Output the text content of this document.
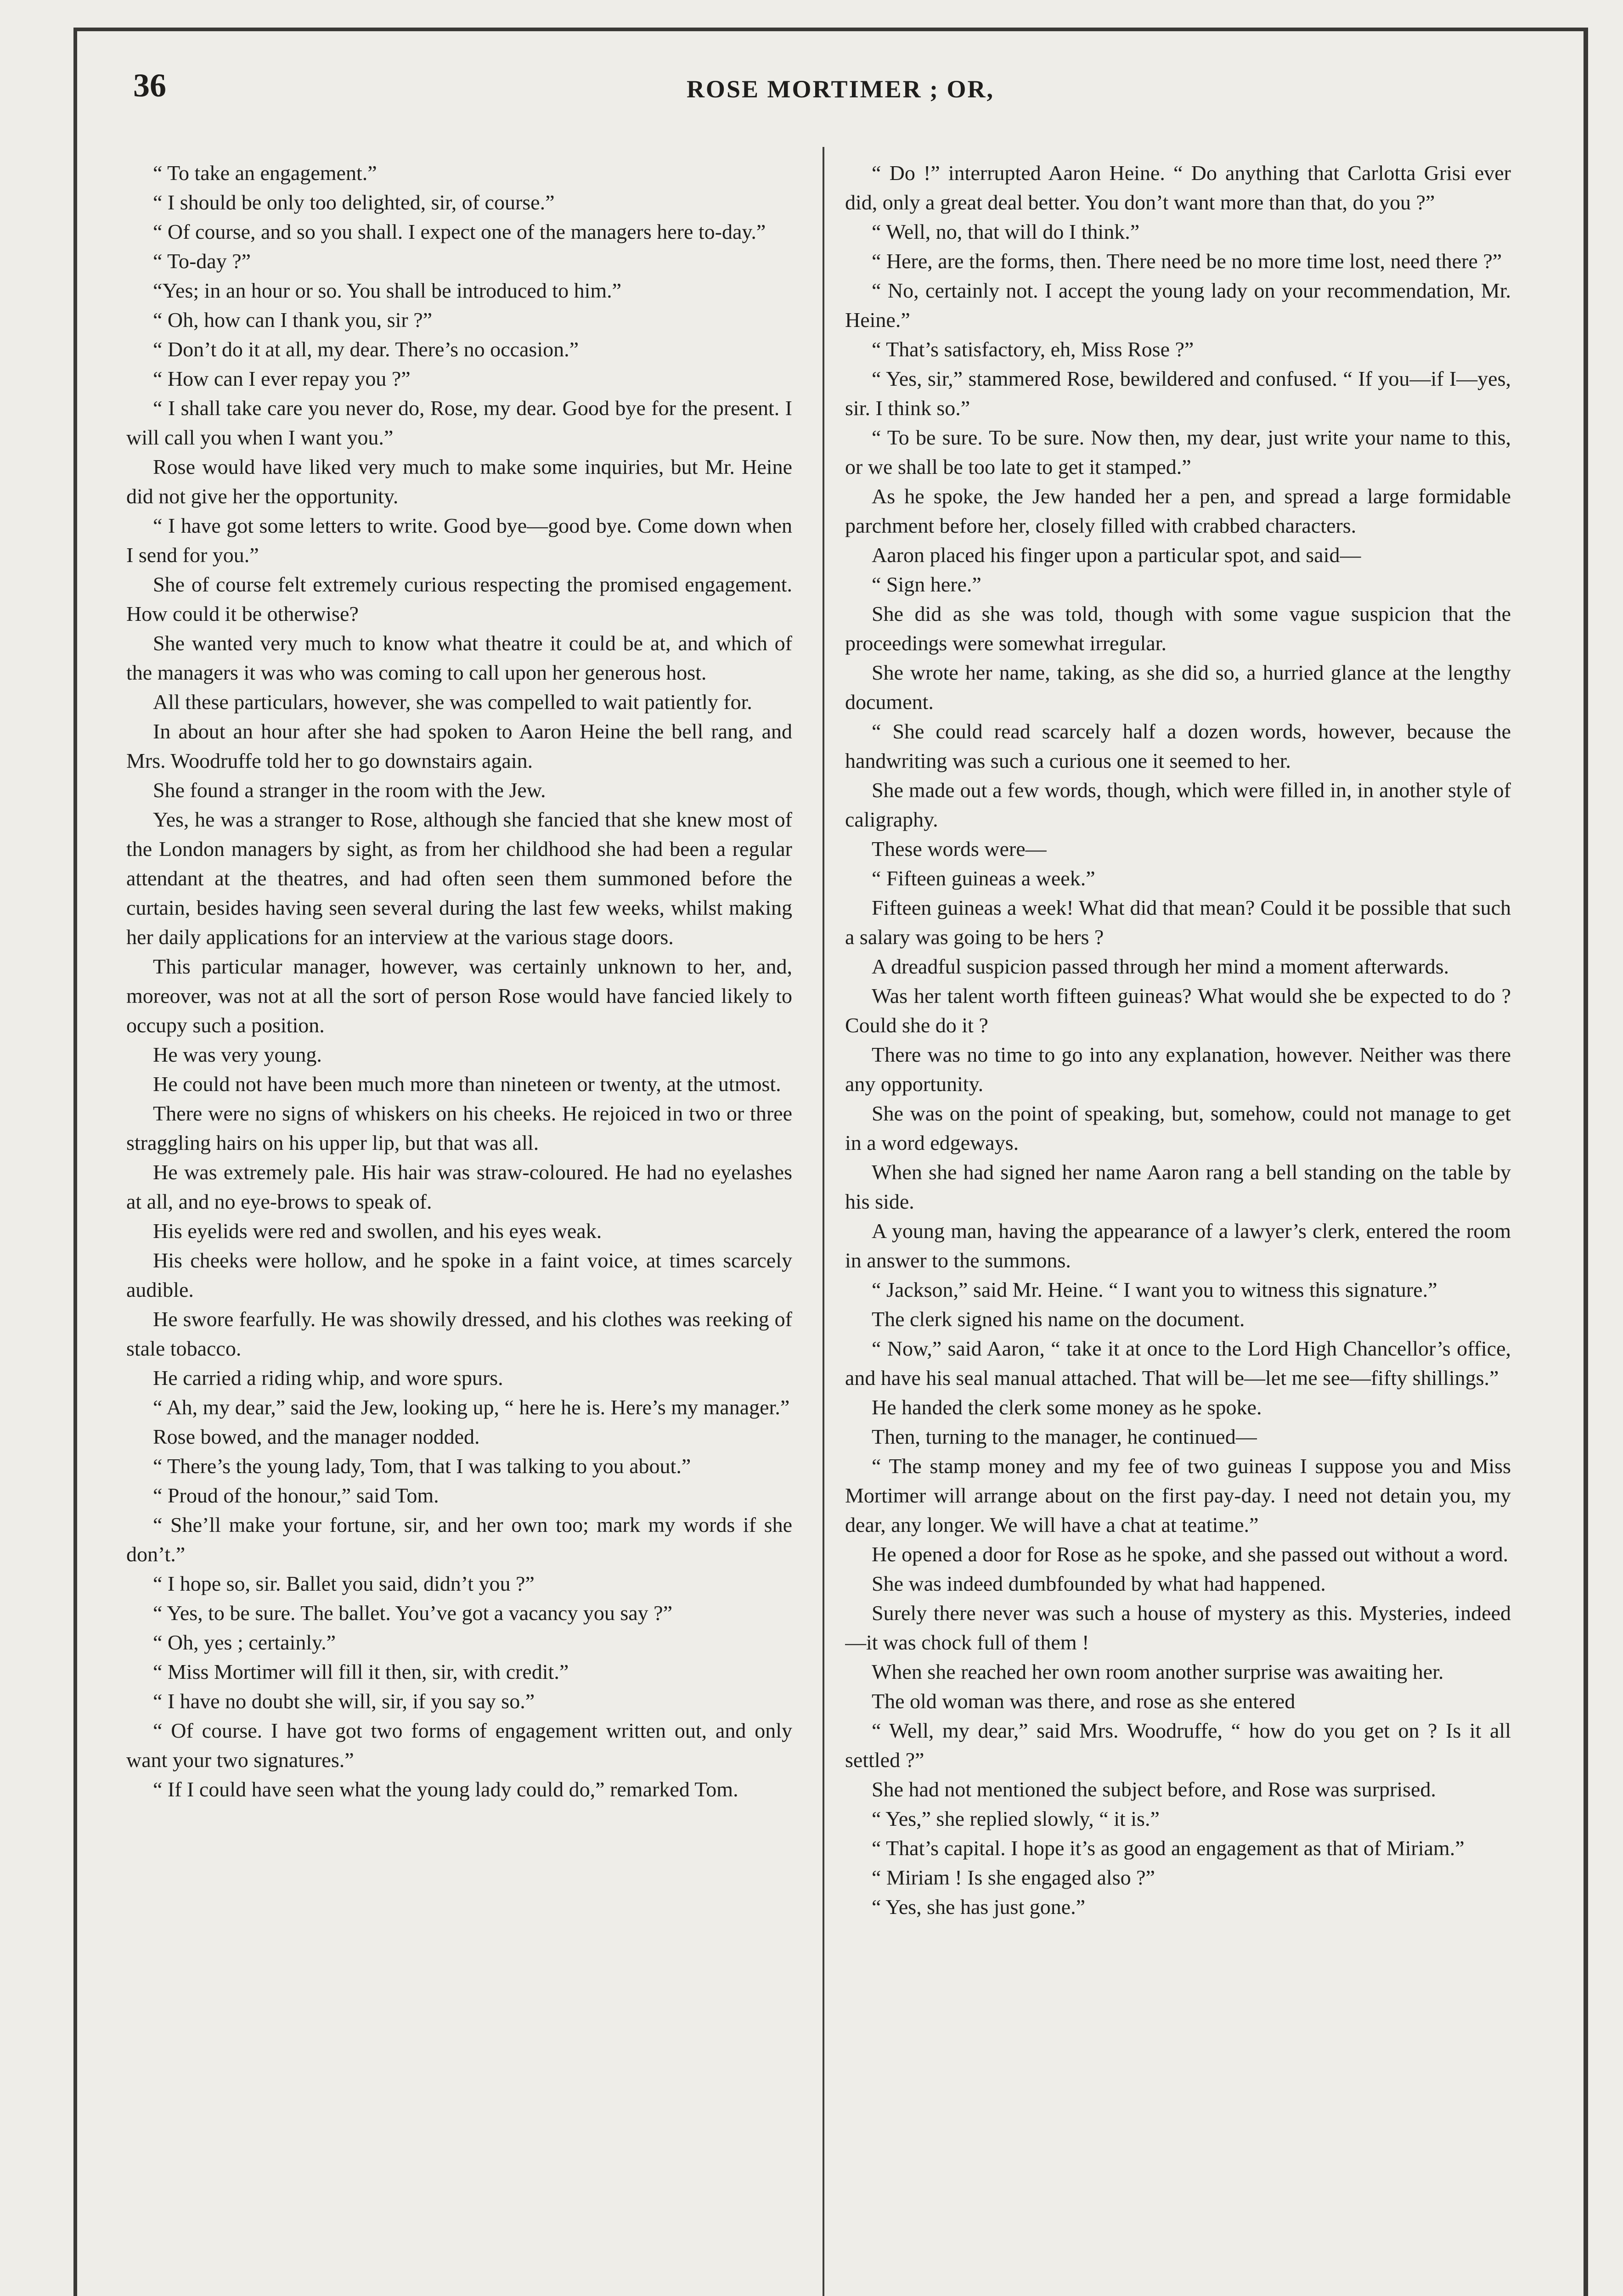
36	ROSE MORTIMER ; OR,

“ To take an engagement.”

“ I should be only too delighted, sir, of course.”

“ Of course, and so you shall. I expect one of the managers here to-day.”

“ To-day ?”

“Yes; in an hour or so. You shall be introduced to him.”

“ Oh, how can I thank you, sir ?”

“ Don’t do it at all, my dear. There’s no occasion.”

“ How can I ever repay you ?”

“ I shall take care you never do, Rose, my dear. Good bye for the present. I will call you when I want you.”

Rose would have liked very much to make some inquiries, but Mr. Heine did not give her the opportunity.

“ I have got some letters to write. Good bye—good bye. Come down when I send for you.”

She of course felt extremely curious respecting the promised engagement. How could it be otherwise?

She wanted very much to know what theatre it could be at, and which of the managers it was who was coming to call upon her generous host.

All these particulars, however, she was compelled to wait patiently for.

In about an hour after she had spoken to Aaron Heine the bell rang, and Mrs. Woodruffe told her to go downstairs again.

She found a stranger in the room with the Jew.

Yes, he was a stranger to Rose, although she fancied that she knew most of the London managers by sight, as from her childhood she had been a regular attendant at the theatres, and had often seen them summoned before the curtain, besides having seen several during the last few weeks, whilst making her daily applications for an interview at the various stage doors.

This particular manager, however, was certainly unknown to her, and, moreover, was not at all the sort of person Rose would have fancied likely to occupy such a position.

He was very young.

He could not have been much more than nineteen or twenty, at the utmost.

There were no signs of whiskers on his cheeks. He rejoiced in two or three straggling hairs on his upper lip, but that was all.

He was extremely pale. His hair was straw-coloured. He had no eyelashes at all, and no eye-brows to speak of.

His eyelids were red and swollen, and his eyes weak.

His cheeks were hollow, and he spoke in a faint voice, at times scarcely audible.

He swore fearfully. He was showily dressed, and his clothes was reeking of stale tobacco.

He carried a riding whip, and wore spurs.

“ Ah, my dear,” said the Jew, looking up, “ here he is. Here’s my manager.”

Rose bowed, and the manager nodded.

“ There’s the young lady, Tom, that I was talking to you about.”

“ Proud of the honour,” said Tom.

“ She’ll make your fortune, sir, and her own too; mark my words if she don’t.”

“ I hope so, sir. Ballet you said, didn’t you ?”

“ Yes, to be sure. The ballet. You’ve got a vacancy you say ?”

“ Oh, yes ; certainly.”

“ Miss Mortimer will fill it then, sir, with credit.”

“ I have no doubt she will, sir, if you say so.”

“ Of course. I have got two forms of engagement written out, and only want your two signatures.”

“ If I could have seen what the young lady could do,” remarked Tom.

“ Do !” interrupted Aaron Heine. “ Do anything that Carlotta Grisi ever did, only a great deal better. You don’t want more than that, do you ?”

“ Well, no, that will do I think.”

“ Here, are the forms, then. There need be no more time lost, need there ?”

“ No, certainly not. I accept the young lady on your recommendation, Mr. Heine.”

“ That’s satisfactory, eh, Miss Rose ?”

“ Yes, sir,” stammered Rose, bewildered and confused. “ If you—if I—yes, sir. I think so.”

“ To be sure. To be sure. Now then, my dear, just write your name to this, or we shall be too late to get it stamped.”

As he spoke, the Jew handed her a pen, and spread a large formidable parchment before her, closely filled with crabbed characters.

Aaron placed his finger upon a particular spot, and said—

“ Sign here.”

She did as she was told, though with some vague suspicion that the proceedings were somewhat irregular.

She wrote her name, taking, as she did so, a hurried glance at the lengthy document.

“ She could read scarcely half a dozen words, however, because the handwriting was such a curious one it seemed to her.

She made out a few words, though, which were filled in, in another style of caligraphy.

These words were—

“ Fifteen guineas a week.”

Fifteen guineas a week! What did that mean? Could it be possible that such a salary was going to be hers ?

A dreadful suspicion passed through her mind a moment afterwards.

Was her talent worth fifteen guineas? What would she be expected to do ? Could she do it ?

There was no time to go into any explanation, however. Neither was there any opportunity.

She was on the point of speaking, but, somehow, could not manage to get in a word edgeways.

When she had signed her name Aaron rang a bell standing on the table by his side.

A young man, having the appearance of a lawyer’s clerk, entered the room in answer to the summons.

“ Jackson,” said Mr. Heine. “ I want you to witness this signature.”

The clerk signed his name on the document.

“ Now,” said Aaron, “ take it at once to the Lord High Chancellor’s office, and have his seal manual attached. That will be—let me see—fifty shillings.”

He handed the clerk some money as he spoke.

Then, turning to the manager, he continued—

“ The stamp money and my fee of two guineas I suppose you and Miss Mortimer will arrange about on the first pay-day. I need not detain you, my dear, any longer. We will have a chat at teatime.”

He opened a door for Rose as he spoke, and she passed out without a word.

She was indeed dumbfounded by what had happened.

Surely there never was such a house of mystery as this. Mysteries, indeed—it was chock full of them !

When she reached her own room another surprise was awaiting her.

The old woman was there, and rose as she entered

“ Well, my dear,” said Mrs. Woodruffe, “ how do you get on ? Is it all settled ?”

She had not mentioned the subject before, and Rose was surprised.

“ Yes,” she replied slowly, “ it is.”

“ That’s capital. I hope it’s as good an engagement as that of Miriam.”

“ Miriam ! Is she engaged also ?”

“ Yes, she has just gone.”
